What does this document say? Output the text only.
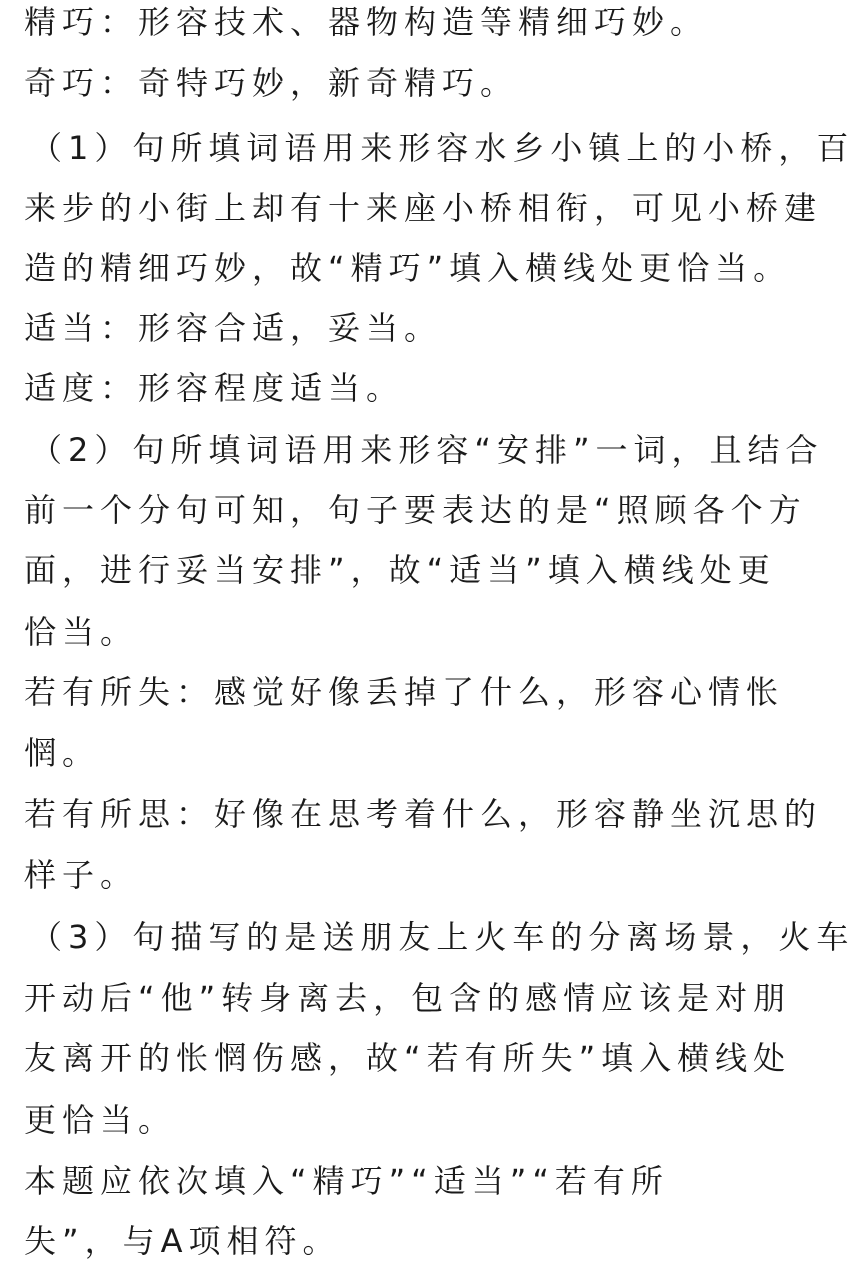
精巧：形容技术、器物构造等精细巧妙。
奇巧：奇特巧妙，新奇精巧。
（1）句所填词语用来形容水乡小镇上的小桥，百
来步的小街上却有十来座小桥相衔，可见小桥建
造的精细巧妙，故“精巧”填入横线处更恰当。
适当：形容合适，妥当。
适度：形容程度适当。
（2）句所填词语用来形容“安排”一词，且结合
前一个分句可知，句子要表达的是“照顾各个方
面，进行妥当安排”，故“适当”填入横线处更
恰当。
若有所失：感觉好像丢掉了什么，形容心情怅
惘。
若有所思：好像在思考着什么，形容静坐沉思的
样子。
（3）句描写的是送朋友上火车的分离场景，火车
开动后“他”转身离去，包含的感情应该是对朋
友离开的怅惘伤感，故“若有所失”填入横线处
更恰当。
本题应依次填入“精巧”“适当”“若有所
失”，与A项相符。
